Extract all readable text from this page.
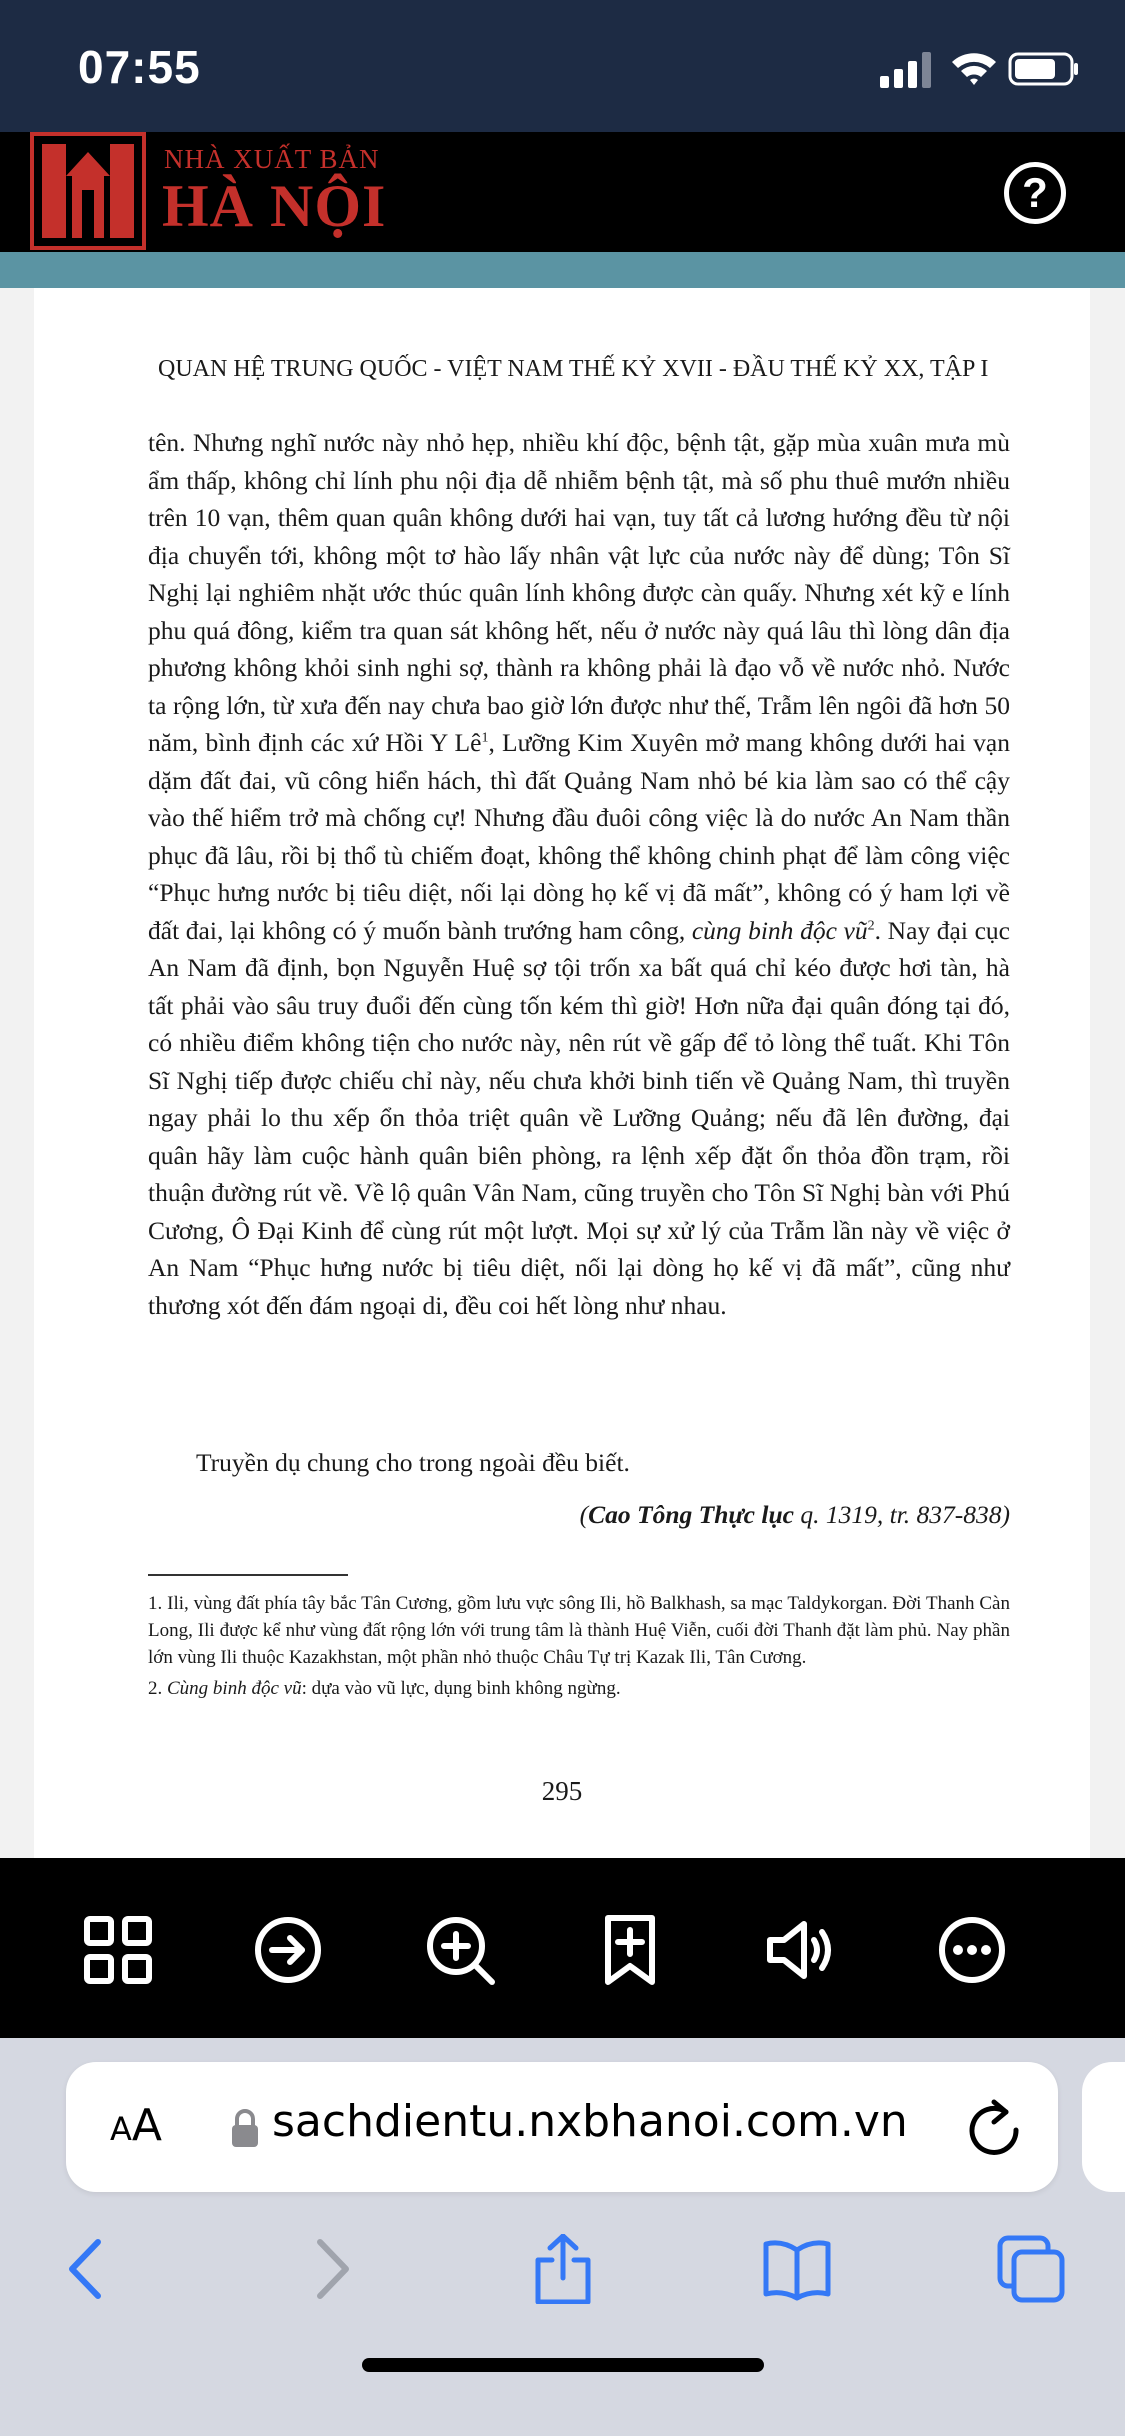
07:55
NHÀ XUẤT BẢN
HÀ NỘI	?
QUAN HỆ TRUNG QUỐC - VIỆT NAM THẾ KỶ XVII - ĐẦU THẾ KỶ XX, TẬP I

tên. Nhưng nghĩ nước này nhỏ hẹp, nhiều khí độc, bệnh tật, gặp mùa xuân mưa mù ẩm thấp, không chỉ lính phu nội địa dễ nhiễm bệnh tật, mà số phu thuê mướn nhiều trên 10 vạn, thêm quan quân không dưới hai vạn, tuy tất cả lương hướng đều từ nội địa chuyển tới, không một tơ hào lấy nhân vật lực của nước này để dùng; Tôn Sĩ Nghị lại nghiêm nhặt ước thúc quân lính không được càn quấy. Nhưng xét kỹ e lính phu quá đông, kiểm tra quan sát không hết, nếu ở nước này quá lâu thì lòng dân địa phương không khỏi sinh nghi sợ, thành ra không phải là đạo vỗ về nước nhỏ. Nước ta rộng lớn, từ xưa đến nay chưa bao giờ lớn được như thế, Trẫm lên ngôi đã hơn 50 năm, bình định các xứ Hồi Y $Lê^1$, Lưỡng Kim Xuyên mở mang không dưới hai vạn dặm đất đai, vũ công hiển hách, thì đất Quảng Nam nhỏ bé kia làm sao có thể cậy vào thế hiểm trở mà chống cự! Nhưng đầu đuôi công việc là do nước An Nam thần phục đã lâu, rồi bị thổ tù chiếm đoạt, không thể không chinh phạt để làm công việc “Phục hưng nước bị tiêu diệt, nối lại dòng họ kế vị đã mất”, không có ý ham lợi về đất đai, lại không có ý muốn bành trướng ham công, cùng binh độc $vũ^2$. Nay đại cục An Nam đã định, bọn Nguyễn Huệ sợ tội trốn xa bất quá chỉ kéo được hơi tàn, hà tất phải vào sâu truy đuổi đến cùng tốn kém thì giờ! Hơn nữa đại quân đóng tại đó, có nhiều điểm không tiện cho nước này, nên rút về gấp để tỏ lòng thể tuất. Khi Tôn Sĩ Nghị tiếp được chiếu chỉ này, nếu chưa khởi binh tiến về Quảng Nam, thì truyền ngay phải lo thu xếp ổn thỏa triệt quân về Lưỡng Quảng; nếu đã lên đường, đại quân hãy làm cuộc hành quân biên phòng, ra lệnh xếp đặt ổn thỏa đồn trạm, rồi thuận đường rút về. Về lộ quân Vân Nam, cũng truyền cho Tôn Sĩ Nghị bàn với Phú Cương, Ô Đại Kinh để cùng rút một lượt. Mọi sự xử lý của Trẫm lần này về việc ở An Nam “Phục hưng nước bị tiêu diệt, nối lại dòng họ kế vị đã mất”, cũng như thương xót đến đám ngoại di, đều coi hết lòng như nhau.

Truyền dụ chung cho trong ngoài đều biết.
(Cao Tông Thực lục q. 1319, tr. 837-838)

1. Ili, vùng đất phía tây bắc Tân Cương, gồm lưu vực sông Ili, hồ Balkhash, sa mạc Taldykorgan. Đời Thanh Càn Long, Ili được kể như vùng đất rộng lớn với trung tâm là thành Huệ Viễn, cuối đời Thanh đặt làm phủ. Nay phần lớn vùng Ili thuộc Kazakhstan, một phần nhỏ thuộc Châu Tự trị Kazak Ili, Tân Cương.

2. Cùng binh độc vũ: dựa vào vũ lực, dụng binh không ngừng.

295
AA	sachdientu.nxbhanoi.com.vn
